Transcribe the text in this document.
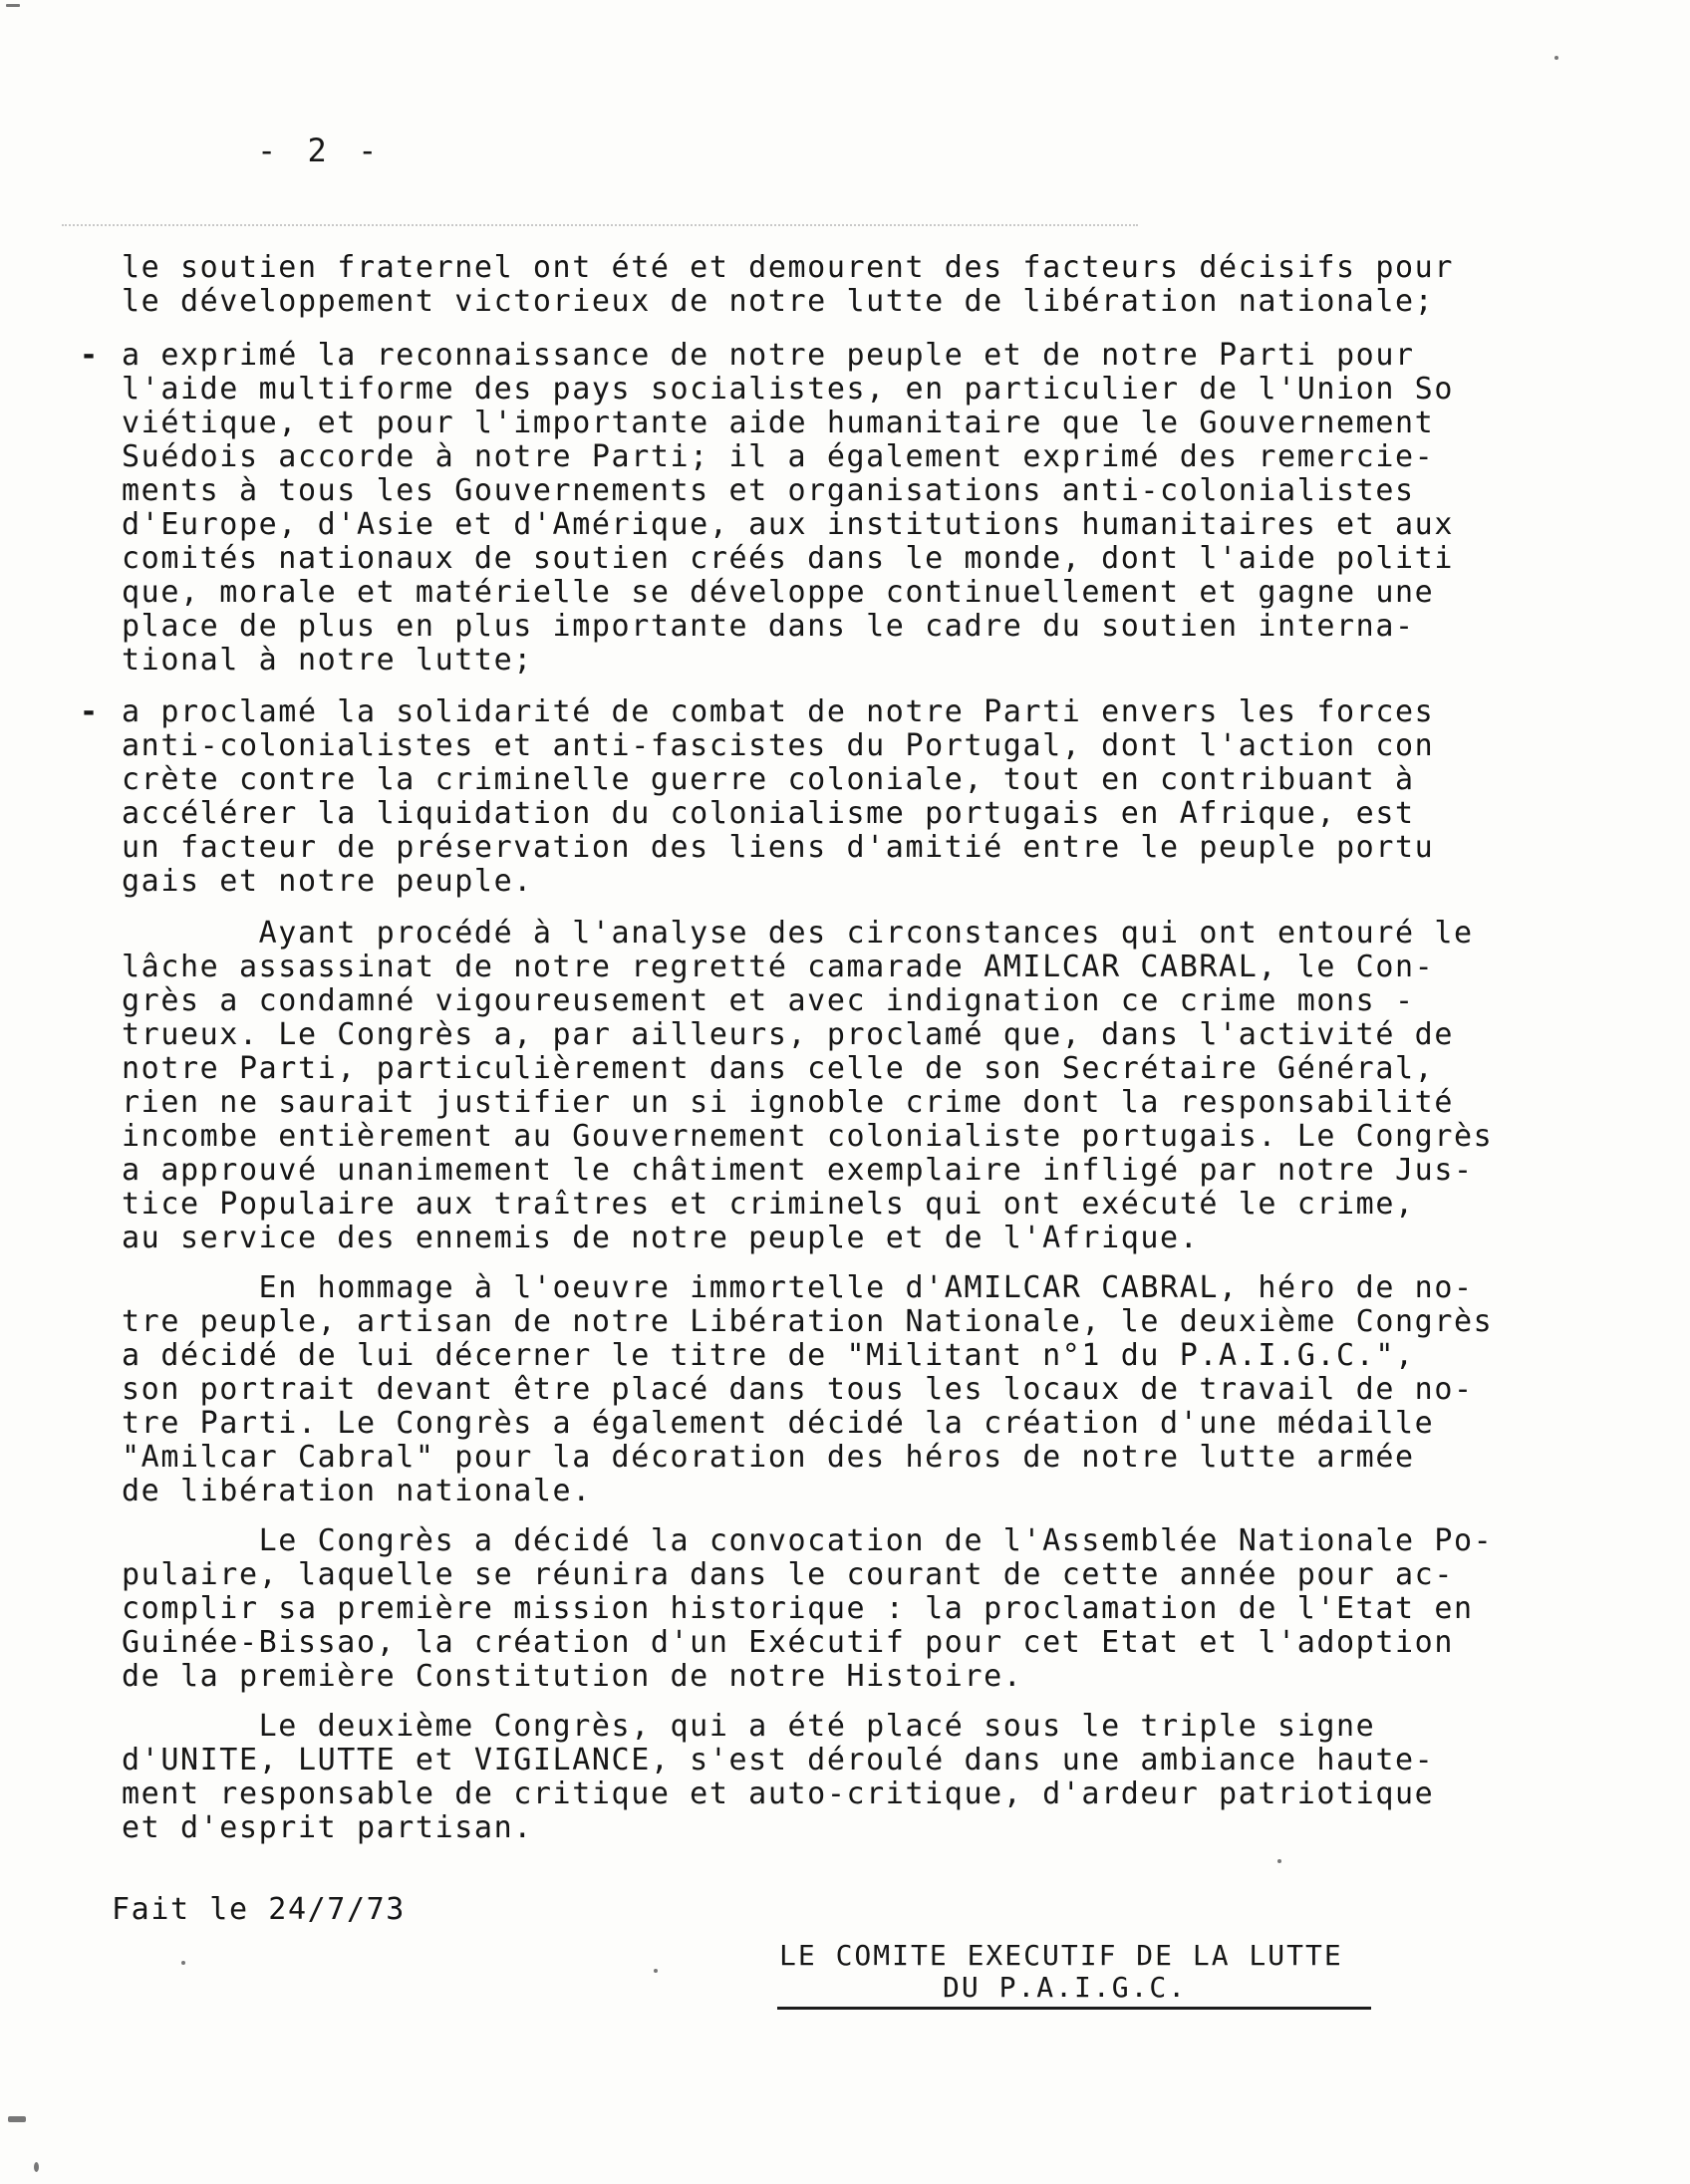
- 2 -
le soutien fraternel ont été et demourent des facteurs décisifs pour
le développement victorieux de notre lutte de libération nationale;
- a exprimé la reconnaissance de notre peuple et de notre Parti pour
l'aide multiforme des pays socialistes, en particulier de l'Union So
viétique, et pour l'importante aide humanitaire que le Gouvernement
Suédois accorde à notre Parti; il a également exprimé des remercie-
ments à tous les Gouvernements et organisations anti-colonialistes
d'Europe, d'Asie et d'Amérique, aux institutions humanitaires et aux
comités nationaux de soutien créés dans le monde, dont l'aide politi
que, morale et matérielle se développe continuellement et gagne une
place de plus en plus importante dans le cadre du soutien interna-
tional à notre lutte;
- a proclamé la solidarité de combat de notre Parti envers les forces
anti-colonialistes et anti-fascistes du Portugal, dont l'action con
crète contre la criminelle guerre coloniale, tout en contribuant à
accélérer la liquidation du colonialisme portugais en Afrique, est
un facteur de préservation des liens d'amitié entre le peuple portu
gais et notre peuple.
Ayant procédé à l'analyse des circonstances qui ont entouré le
lâche assassinat de notre regretté camarade AMILCAR CABRAL, le Con-
grès a condamné vigoureusement et avec indignation ce crime mons -
trueux. Le Congrès a, par ailleurs, proclamé que, dans l'activité de
notre Parti, particulièrement dans celle de son Secrétaire Général,
rien ne saurait justifier un si ignoble crime dont la responsabilité
incombe entièrement au Gouvernement colonialiste portugais. Le Congrès
a approuvé unanimement le châtiment exemplaire infligé par notre Jus-
tice Populaire aux traîtres et criminels qui ont exécuté le crime,
au service des ennemis de notre peuple et de l'Afrique.
En hommage à l'oeuvre immortelle d'AMILCAR CABRAL, héro de no-
tre peuple, artisan de notre Libération Nationale, le deuxième Congrès
a décidé de lui décerner le titre de "Militant n°1 du P.A.I.G.C.",
son portrait devant être placé dans tous les locaux de travail de no-
tre Parti. Le Congrès a également décidé la création d'une médaille
"Amilcar Cabral" pour la décoration des héros de notre lutte armée
de libération nationale.
Le Congrès a décidé la convocation de l'Assemblée Nationale Po-
pulaire, laquelle se réunira dans le courant de cette année pour ac-
complir sa première mission historique : la proclamation de l'Etat en
Guinée-Bissao, la création d'un Exécutif pour cet Etat et l'adoption
de la première Constitution de notre Histoire.
Le deuxième Congrès, qui a été placé sous le triple signe
d'UNITE, LUTTE et VIGILANCE, s'est déroulé dans une ambiance haute-
ment responsable de critique et auto-critique, d'ardeur patriotique
et d'esprit partisan.
Fait le 24/7/73
LE COMITE EXECUTIF DE LA LUTTE
DU P.A.I.G.C.
